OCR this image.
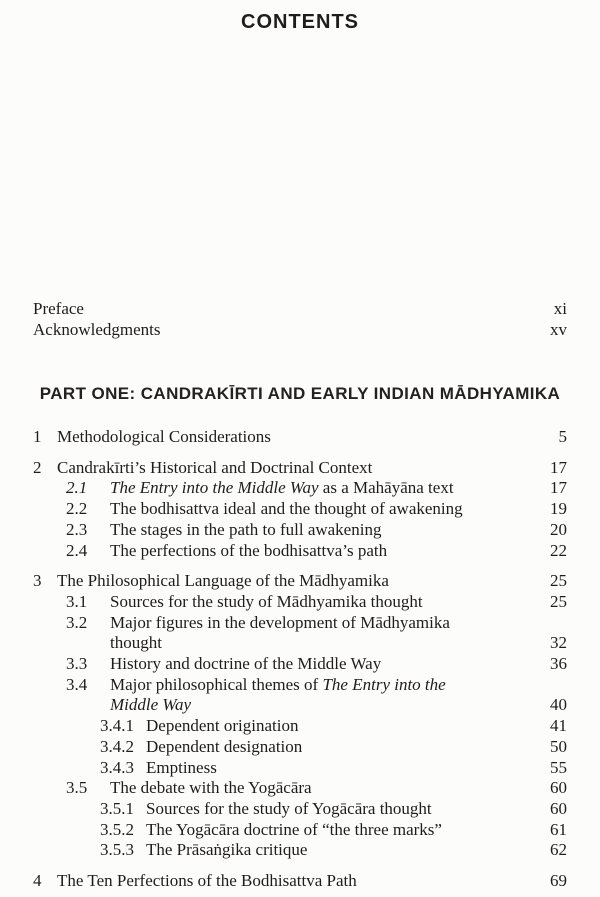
CONTENTS
Preface	xi
Acknowledgments	xv
PART ONE: CANDRAKĪRTI AND EARLY INDIAN MĀDHYAMIKA
1 Methodological Considerations	5
2 Candrakīrti’s Historical and Doctrinal Context	17
2.1	The Entry into the Middle Way as a Mahāyāna text	17
2.2	The bodhisattva ideal and the thought of awakening	19
2.3	The stages in the path to full awakening	20
2.4	The perfections of the bodhisattva’s path	22
3 The Philosophical Language of the Mādhyamika	25
3.1	Sources for the study of Mādhyamika thought	25
3.2	Major figures in the development of Mādhyamika
thought	32
3.3	History and doctrine of the Middle Way	36
3.4	Major philosophical themes of The Entry into the
Middle Way	40
3.4.1 Dependent origination	41
3.4.2 Dependent designation	50
3.4.3 Emptiness	55
3.5	The debate with the Yogācāra	60
3.5.1 Sources for the study of Yogācāra thought	60
3.5.2 The Yogācāra doctrine of “the three marks”	61
3.5.3 The Prāsaṅgika critique	62
4 The Ten Perfections of the Bodhisattva Path	69
